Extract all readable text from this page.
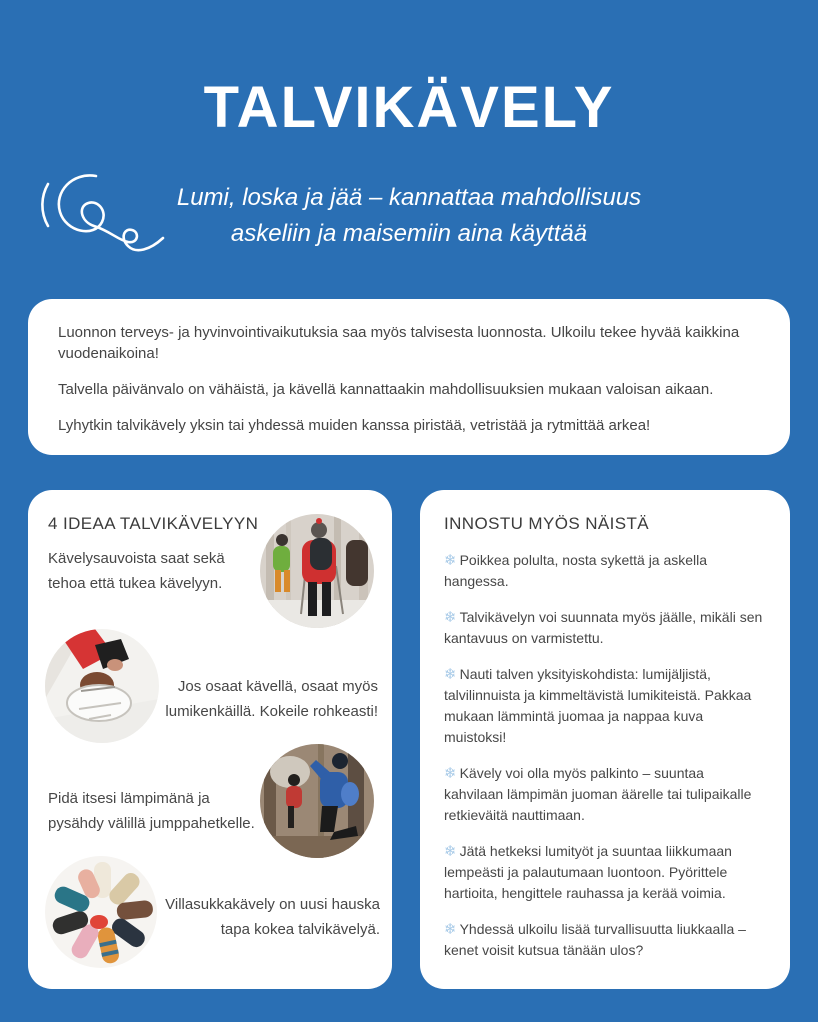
TALVIKÄVELY
Lumi, loska ja jää – kannattaa mahdollisuus
askeliin ja maisemiin aina käyttää

Luonnon terveys- ja hyvinvointivaikutuksia saa myös talvisesta luonnosta. Ulkoilu tekee hyvää kaikkina vuodenaikoina!

Talvella päivänvalo on vähäistä, ja kävellä kannattaakin mahdollisuuksien mukaan valoisan aikaan.

Lyhytkin talvikävely yksin tai yhdessä muiden kanssa piristää, vetristää ja rytmittää arkea!

4 IDEAA TALVIKÄVELYYN
Kävelysauvoista saat sekä
tehoa että tukea kävelyyn.
Jos osaat kävellä, osaat myös
lumikenkäillä. Kokeile rohkeasti!
Pidä itsesi lämpimänä ja
pysähdy välillä jumppahetkelle.
Villasukkakävely on uusi hauska
tapa kokea talvikävelyä.
INNOSTU MYÖS NÄISTÄ

❄ Poikkea polulta, nosta sykettä ja askella hangessa.

❄ Talvikävelyn voi suunnata myös jäälle, mikäli sen kantavuus on varmistettu.

❄ Nauti talven yksityiskohdista: lumijäljistä, talvilinnuista ja kimmeltävistä lumikiteistä. Pakkaa mukaan lämmintä juomaa ja nappaa kuva muistoksi!

❄ Kävely voi olla myös palkinto – suuntaa kahvilaan lämpimän juoman äärelle tai tulipaikalle retkieväitä nauttimaan.

❄ Jätä hetkeksi lumityöt ja suuntaa liikkumaan lempeästi ja palautumaan luontoon. Pyörittele hartioita, hengittele rauhassa ja kerää voimia.

❄ Yhdessä ulkoilu lisää turvallisuutta liukkaalla – kenet voisit kutsua tänään ulos?
